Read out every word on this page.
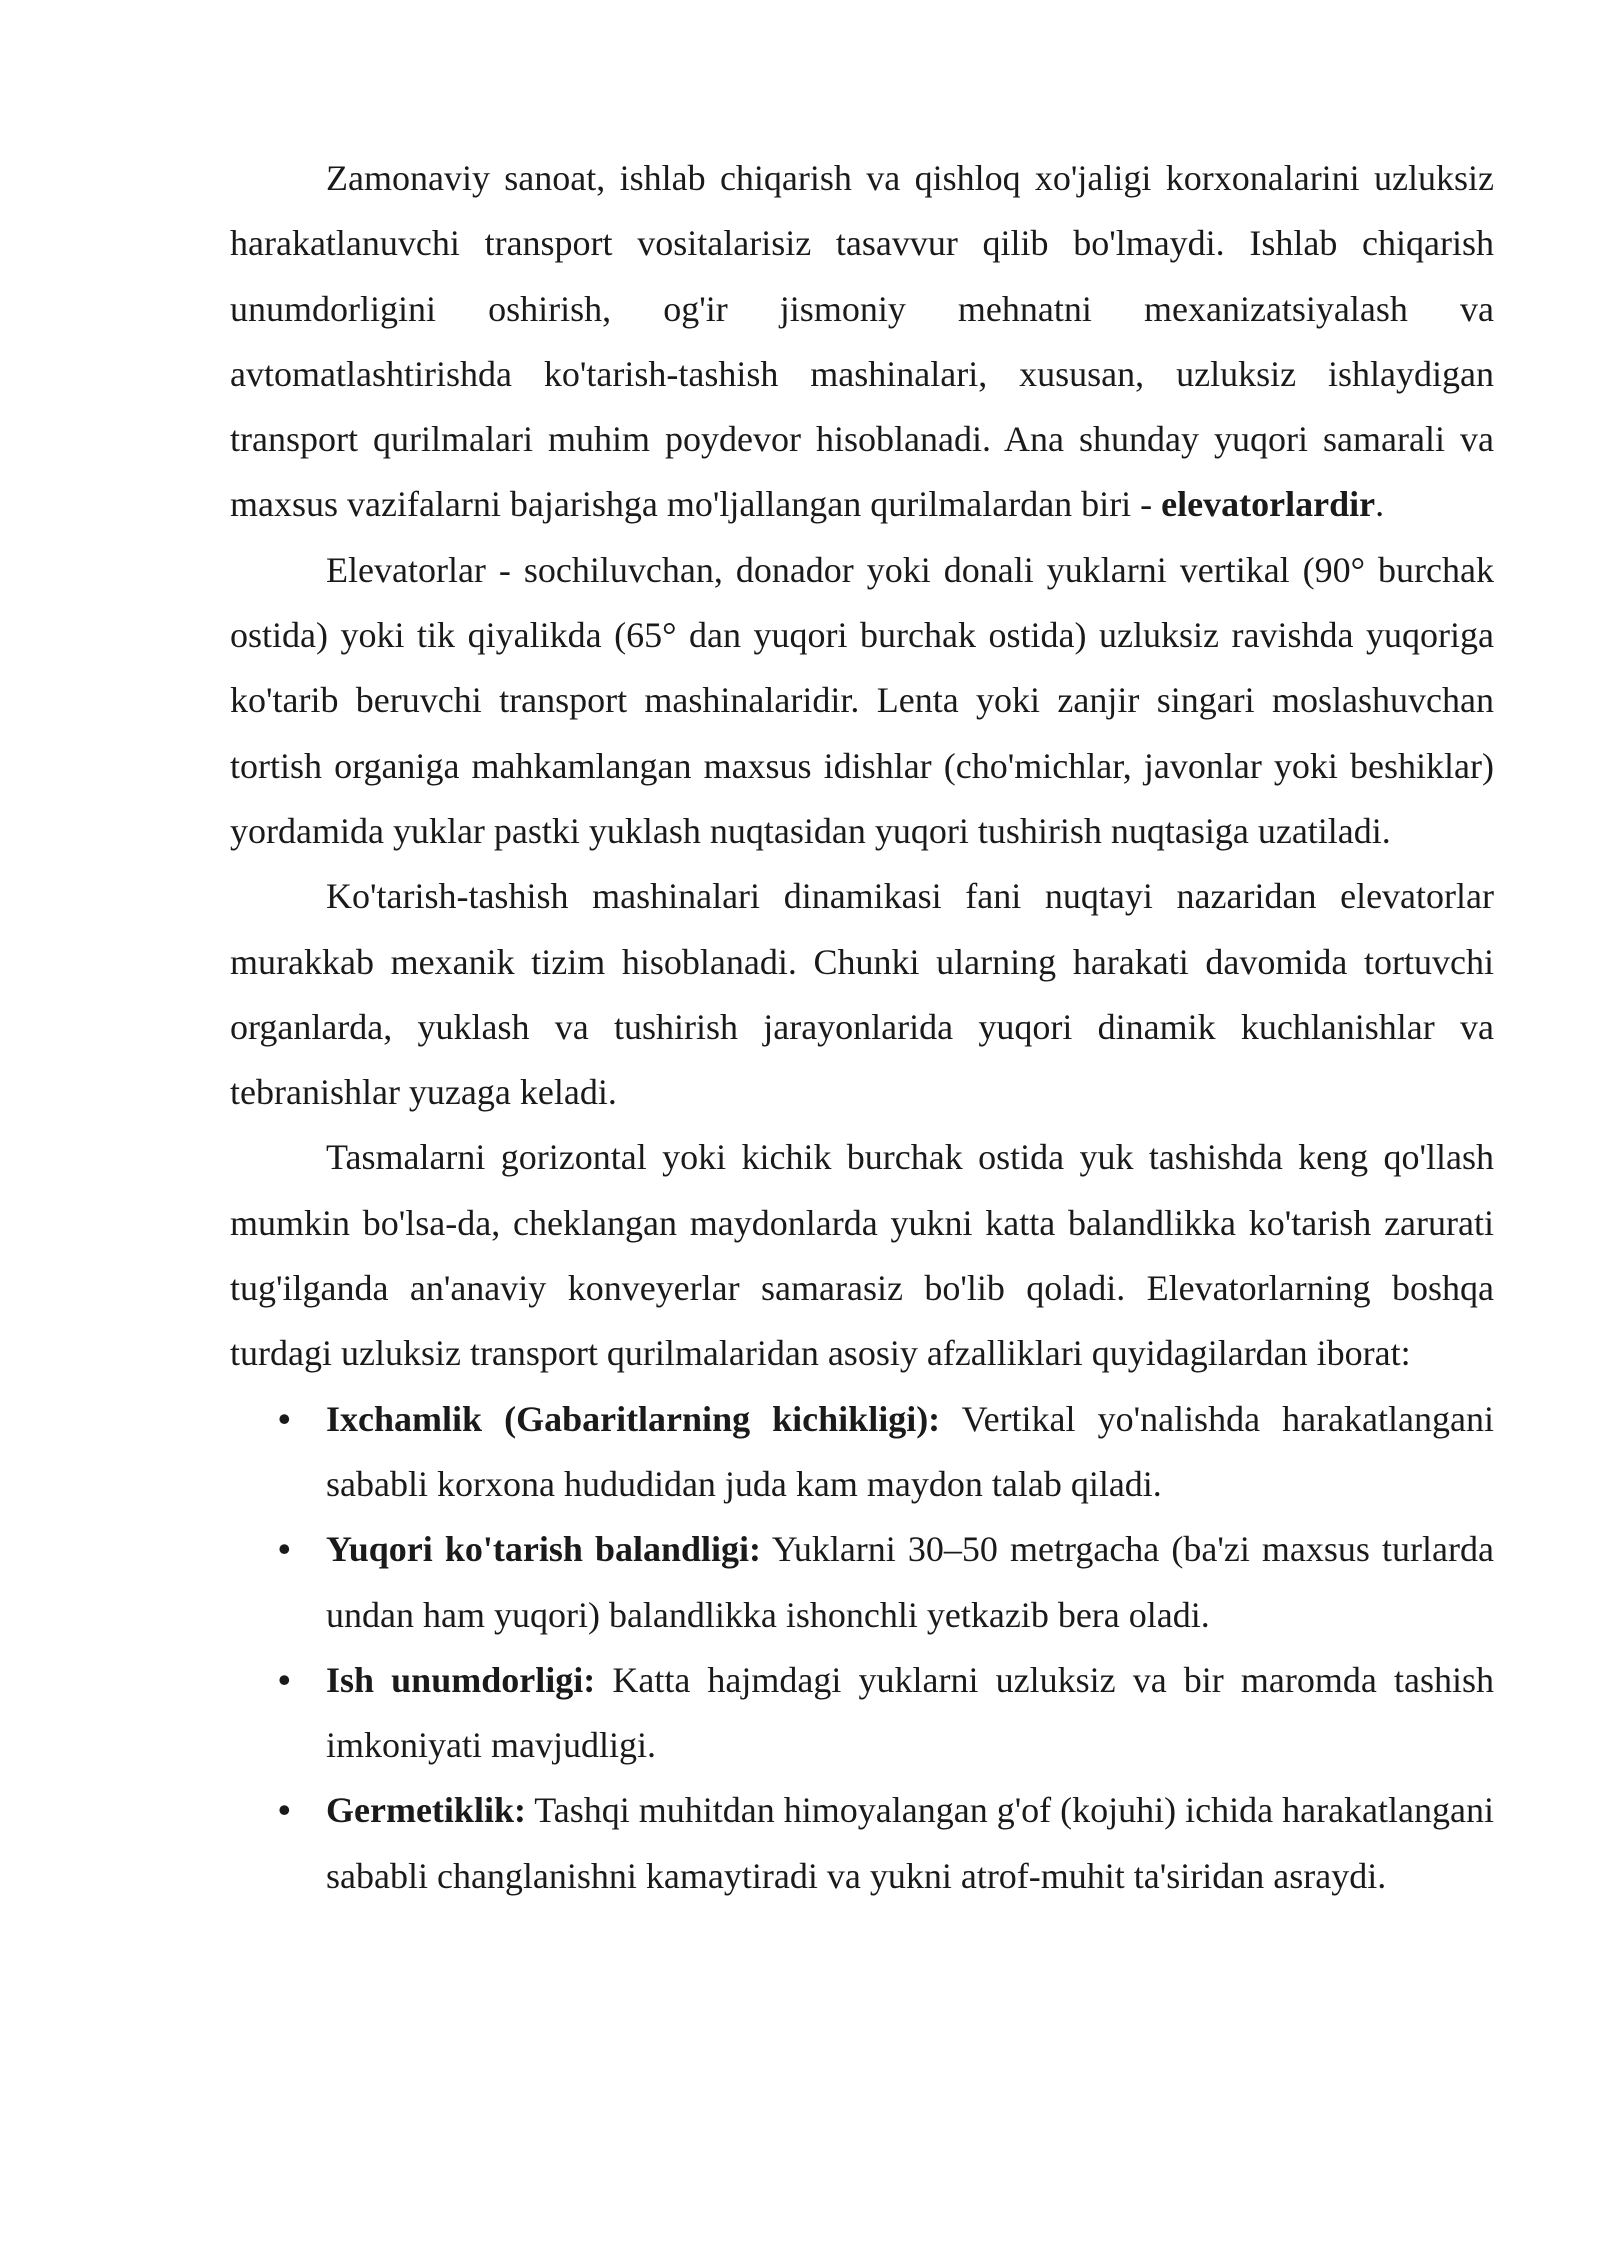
Zamonaviy sanoat, ishlab chiqarish va qishloq xo'jaligi korxonalarini uzluksiz harakatlanuvchi transport vositalarisiz tasavvur qilib bo'lmaydi. Ishlab chiqarish unumdorligini oshirish, og'ir jismoniy mehnatni mexanizatsiyalash va avtomatlashtirishda ko'tarish-tashish mashinalari, xususan, uzluksiz ishlaydigan transport qurilmalari muhim poydevor hisoblanadi. Ana shunday yuqori samarali va maxsus vazifalarni bajarishga mo'ljallangan qurilmalardan biri - elevatorlardir.

Elevatorlar - sochiluvchan, donador yoki donali yuklarni vertikal (90° burchak ostida) yoki tik qiyalikda (65° dan yuqori burchak ostida) uzluksiz ravishda yuqoriga ko'tarib beruvchi transport mashinalaridir. Lenta yoki zanjir singari moslashuvchan tortish organiga mahkamlangan maxsus idishlar (cho'michlar, javonlar yoki beshiklar) yordamida yuklar pastki yuklash nuqtasidan yuqori tushirish nuqtasiga uzatiladi.

Ko'tarish-tashish mashinalari dinamikasi fani nuqtayi nazaridan elevatorlar murakkab mexanik tizim hisoblanadi. Chunki ularning harakati davomida tortuvchi organlarda, yuklash va tushirish jarayonlarida yuqori dinamik kuchlanishlar va tebranishlar yuzaga keladi.

Tasmalarni gorizontal yoki kichik burchak ostida yuk tashishda keng qo'llash mumkin bo'lsa-da, cheklangan maydonlarda yukni katta balandlikka ko'tarish zarurati tug'ilganda an'anaviy konveyerlar samarasiz bo'lib qoladi. Elevatorlarning boshqa turdagi uzluksiz transport qurilmalaridan asosiy afzalliklari quyidagilardan iborat:

• Ixchamlik (Gabaritlarning kichikligi): Vertikal yo'nalishda harakatlangani sababli korxona hududidan juda kam maydon talab qiladi.
• Yuqori ko'tarish balandligi: Yuklarni 30–50 metrgacha (ba'zi maxsus turlarda undan ham yuqori) balandlikka ishonchli yetkazib bera oladi.
• Ish unumdorligi: Katta hajmdagi yuklarni uzluksiz va bir maromda tashish imkoniyati mavjudligi.
• Germetiklik: Tashqi muhitdan himoyalangan g'of (kojuhi) ichida harakatlangani sababli changlanishni kamaytiradi va yukni atrof-muhit ta'siridan asraydi.
